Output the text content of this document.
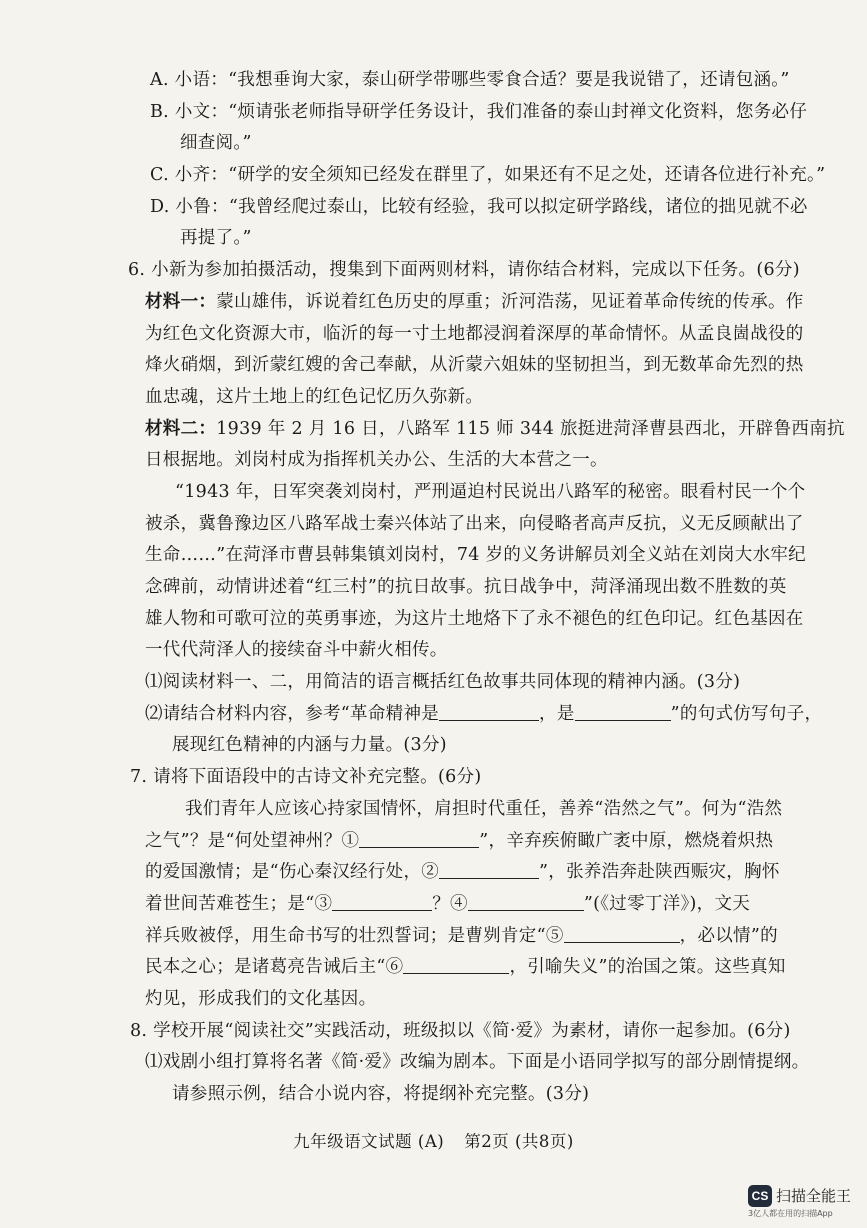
A. 小语：“我想垂询大家，泰山研学带哪些零食合适？要是我说错了，还请包涵。”
B. 小文：“烦请张老师指导研学任务设计，我们准备的泰山封禅文化资料，您务必仔
细查阅。”
C. 小齐：“研学的安全须知已经发在群里了，如果还有不足之处，还请各位进行补充。”
D. 小鲁：“我曾经爬过泰山，比较有经验，我可以拟定研学路线，诸位的拙见就不必
再提了。”
6. 小新为参加拍摄活动，搜集到下面两则材料，请你结合材料，完成以下任务。(6分)
材料一：蒙山雄伟，诉说着红色历史的厚重；沂河浩荡，见证着革命传统的传承。作
为红色文化资源大市，临沂的每一寸土地都浸润着深厚的革命情怀。从孟良崮战役的
烽火硝烟，到沂蒙红嫂的舍己奉献，从沂蒙六姐妹的坚韧担当，到无数革命先烈的热
血忠魂，这片土地上的红色记忆历久弥新。
材料二：1939 年 2 月 16 日，八路军 115 师 344 旅挺进菏泽曹县西北，开辟鲁西南抗
日根据地。刘岗村成为指挥机关办公、生活的大本营之一。
“1943 年，日军突袭刘岗村，严刑逼迫村民说出八路军的秘密。眼看村民一个个
被杀，冀鲁豫边区八路军战士秦兴体站了出来，向侵略者高声反抗，义无反顾献出了
生命……”在菏泽市曹县韩集镇刘岗村，74 岁的义务讲解员刘全义站在刘岗大水牢纪
念碑前，动情讲述着“红三村”的抗日故事。抗日战争中，菏泽涌现出数不胜数的英
雄人物和可歌可泣的英勇事迹，为这片土地烙下了永不褪色的红色印记。红色基因在
一代代菏泽人的接续奋斗中薪火相传。
⑴阅读材料一、二，用简洁的语言概括红色故事共同体现的精神内涵。(3分)
⑵请结合材料内容，参考“革命精神是	，是	”的句式仿写句子，
展现红色精神的内涵与力量。(3分)
7. 请将下面语段中的古诗文补充完整。(6分)
我们青年人应该心持家国情怀，肩担时代重任，善养“浩然之气”。何为“浩然
之气”？是“何处望神州？①	”，辛弃疾俯瞰广袤中原，燃烧着炽热
的爱国激情；是“伤心秦汉经行处，②	”，张养浩奔赴陕西赈灾，胸怀
着世间苦难苍生；是“③	？④	”(《过零丁洋》)，文天
祥兵败被俘，用生命书写的壮烈誓词；是曹刿肯定“⑤	，必以情”的
民本之心；是诸葛亮告诫后主“⑥	，引喻失义”的治国之策。这些真知
灼见，形成我们的文化基因。
8. 学校开展“阅读社交”实践活动，班级拟以《简·爱》为素材，请你一起参加。(6分)
⑴戏剧小组打算将名著《简·爱》改编为剧本。下面是小语同学拟写的部分剧情提纲。
请参照示例，结合小说内容，将提纲补充完整。(3分)
九年级语文试题 (A) 第2页 (共8页)
CS 扫描全能王
3亿人都在用的扫描App
